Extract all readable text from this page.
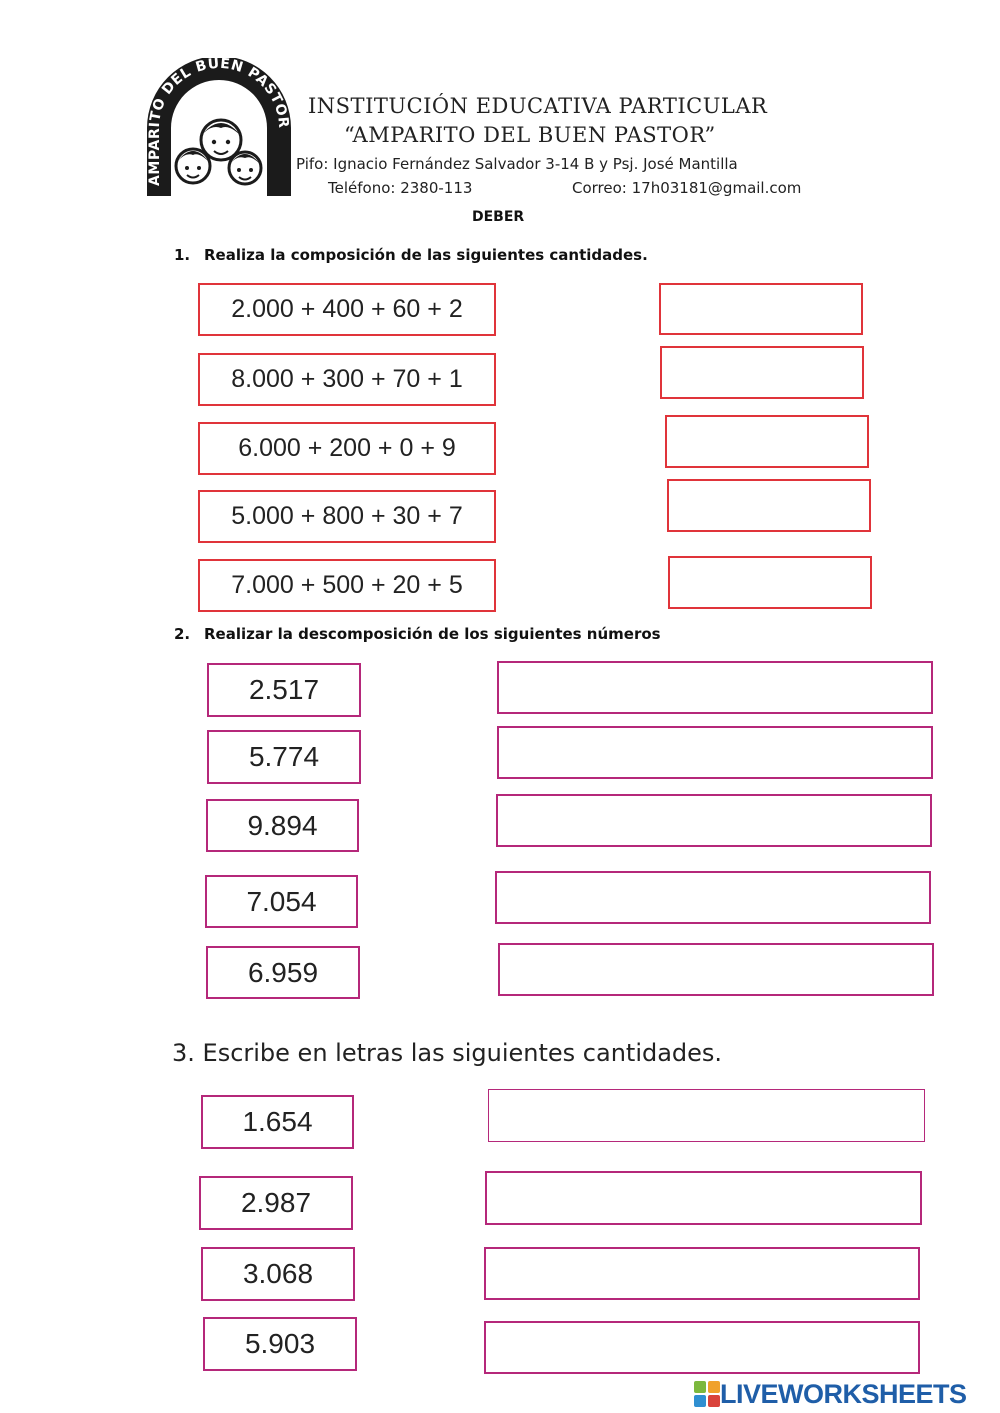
AMPARITO DEL BUEN PASTOR
INSTITUCIÓN EDUCATIVA PARTICULAR
“AMPARITO DEL BUEN PASTOR”
Pifo: Ignacio Fernández Salvador 3-14 B y Psj. José Mantilla
Teléfono: 2380-113	Correo: 17h03181@gmail.com
DEBER
1. Realiza la composición de las siguientes cantidades.
2.000 + 400 + 60 + 2
8.000 + 300 + 70 + 1
6.000 + 200 + 0 + 9
5.000 + 800 + 30 + 7
7.000 + 500 + 20 + 5
2. Realizar la descomposición de los siguientes números
2.517
5.774
9.894
7.054
6.959
3. Escribe en letras las siguientes cantidades.
1.654
2.987
3.068
5.903
LIVEWORKSHEETS
